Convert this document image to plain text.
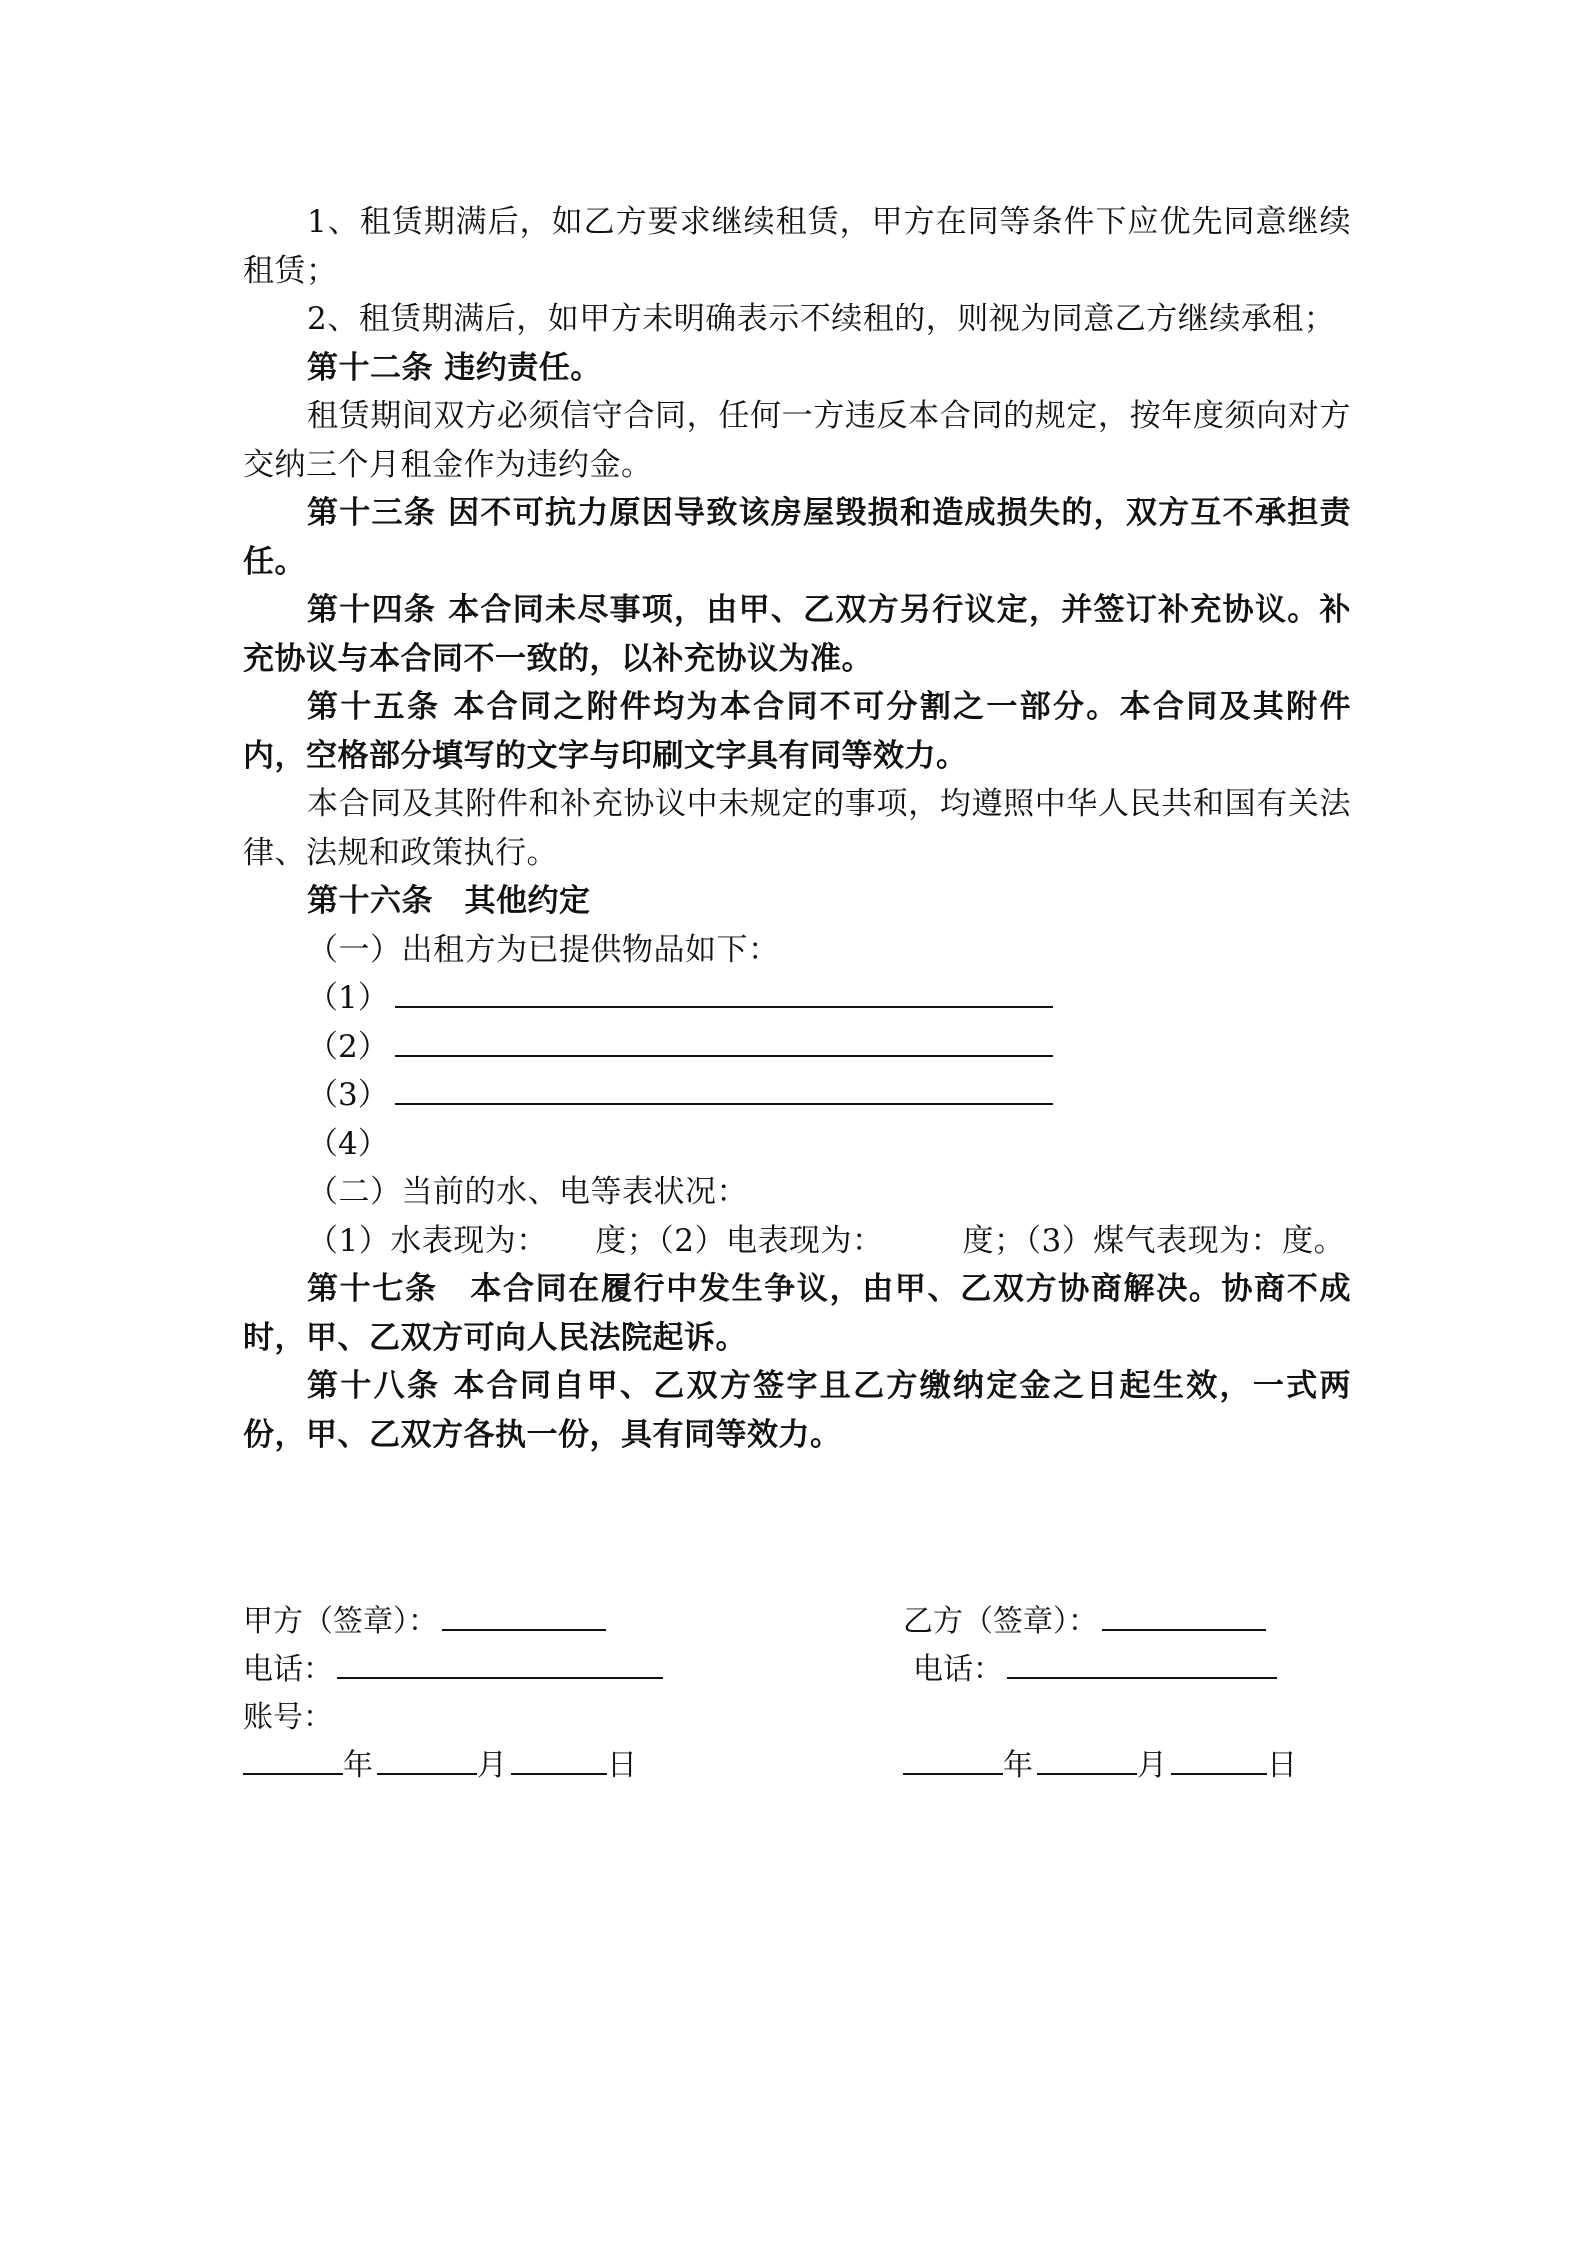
1、租赁期满后，如乙方要求继续租赁，甲方在同等条件下应优先同意继续租赁；

2、租赁期满后，如甲方未明确表示不续租的，则视为同意乙方继续承租；

第十二条 违约责任。

租赁期间双方必须信守合同，任何一方违反本合同的规定，按年度须向对方交纳三个月租金作为违约金。

第十三条 因不可抗力原因导致该房屋毁损和造成损失的，双方互不承担责任。

第十四条 本合同未尽事项，由甲、乙双方另行议定，并签订补充协议。补充协议与本合同不一致的，以补充协议为准。

第十五条 本合同之附件均为本合同不可分割之一部分。本合同及其附件内，空格部分填写的文字与印刷文字具有同等效力。

本合同及其附件和补充协议中未规定的事项，均遵照中华人民共和国有关法律、法规和政策执行。

第十六条　其他约定

（一）出租方为已提供物品如下：

（1）

（2）

（3）

（4）

（二）当前的水、电等表状况：

（1）水表现为：　　度；（2）电表现为：　　　度；（3）煤气表现为：度。

第十七条　本合同在履行中发生争议，由甲、乙双方协商解决。协商不成时，甲、乙双方可向人民法院起诉。

第十八条 本合同自甲、乙双方签字且乙方缴纳定金之日起生效，一式两份，甲、乙双方各执一份，具有同等效力。

甲方（签章）：	乙方（签章）：
电话：	电话：
账号：
年	月	日	年	月	日
